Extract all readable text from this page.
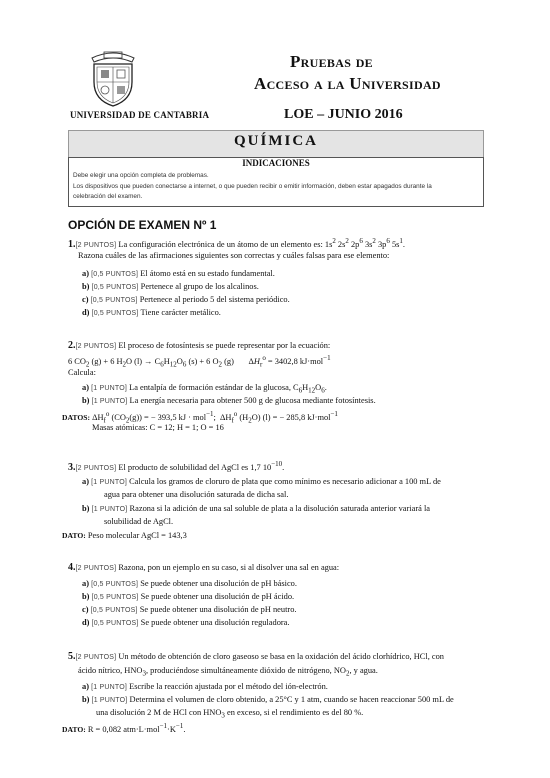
UNIVERSIDAD DE CANTABRIA
Pruebas de
Acceso a la Universidad
LOE – JUNIO 2016
QUÍMICA
INDICACIONES
Debe elegir una opción completa de problemas.
Los dispositivos que pueden conectarse a internet, o que pueden recibir o emitir información, deben estar apagados durante la
celebración del examen.
OPCIÓN DE EXAMEN Nº 1
1.[2 PUNTOS] La configuración electrónica de un átomo de un elemento es: $1s^2$ $2s^2$ $2p^6$ $3s^2$ $3p^6$ $5s^1$.
Razona cuáles de las afirmaciones siguientes son correctas y cuáles falsas para ese elemento:
a) [0,5 PUNTOS] El átomo está en su estado fundamental.
b) [0,5 PUNTOS] Pertenece al grupo de los alcalinos.
c) [0,5 PUNTOS] Pertenece al periodo 5 del sistema periódico.
d) [0,5 PUNTOS] Tiene carácter metálico.
2.[2 PUNTOS] El proceso de fotosíntesis se puede representar por la ecuación:
6 $CO_2$ (g) + 6 $H_2O$ $(l) \to C_6H_{12}O_6$ (s) + 6 $O_2$ (g)       $\Delta H_r^o = 3402,8$ kJ·mol$^{-1}$
Calcula:
a) [1 PUNTO] La entalpía de formación estándar de la glucosa, $C_6H_{12}O_6$.
b) [1 PUNTO] La energía necesaria para obtener 500 g de glucosa mediante fotosíntesis.
DATOS: $\Delta H_f^o$ $(CO_2(g))$ = − 393,5 kJ · mol$^{-1}$;  $\Delta H_f^o$ $(H_2O) (l)$ = − 285,8 kJ·mol$^{-1}$
Masas atómicas: C = 12; H = 1; O = 16
3.[2 PUNTOS] El producto de solubilidad del AgCl es 1,7 $10^{-10}$.
a) [1 PUNTO] Calcula los gramos de cloruro de plata que como mínimo es necesario adicionar a 100 mL de
agua para obtener una disolución saturada de dicha sal.
b) [1 PUNTO] Razona si la adición de una sal soluble de plata a la disolución saturada anterior variará la
solubilidad de AgCl.
DATO: Peso molecular AgCl = 143,3
4.[2 PUNTOS] Razona, pon un ejemplo en su caso, si al disolver una sal en agua:
a) [0,5 PUNTOS] Se puede obtener una disolución de pH básico.
b) [0,5 PUNTOS] Se puede obtener una disolución de pH ácido.
c) [0,5 PUNTOS] Se puede obtener una disolución de pH neutro.
d) [0,5 PUNTOS] Se puede obtener una disolución reguladora.
5.[2 PUNTOS] Un método de obtención de cloro gaseoso se basa en la oxidación del ácido clorhídrico, HCl, con
ácido nítrico, $HNO_3$, produciéndose simultáneamente dióxido de nitrógeno, $NO_2$, y agua.
a) [1 PUNTO] Escribe la reacción ajustada por el método del ión-electrón.
b) [1 PUNTO] Determina el volumen de cloro obtenido, a 25°C y 1 atm, cuando se hacen reaccionar 500 mL de
una disolución 2 M de HCl con $HNO_3$ en exceso, si el rendimiento es del 80 %.
DATO: R = 0,082 $atm\cdot L\cdot mol^{-1}\cdot K^{-1}$.
